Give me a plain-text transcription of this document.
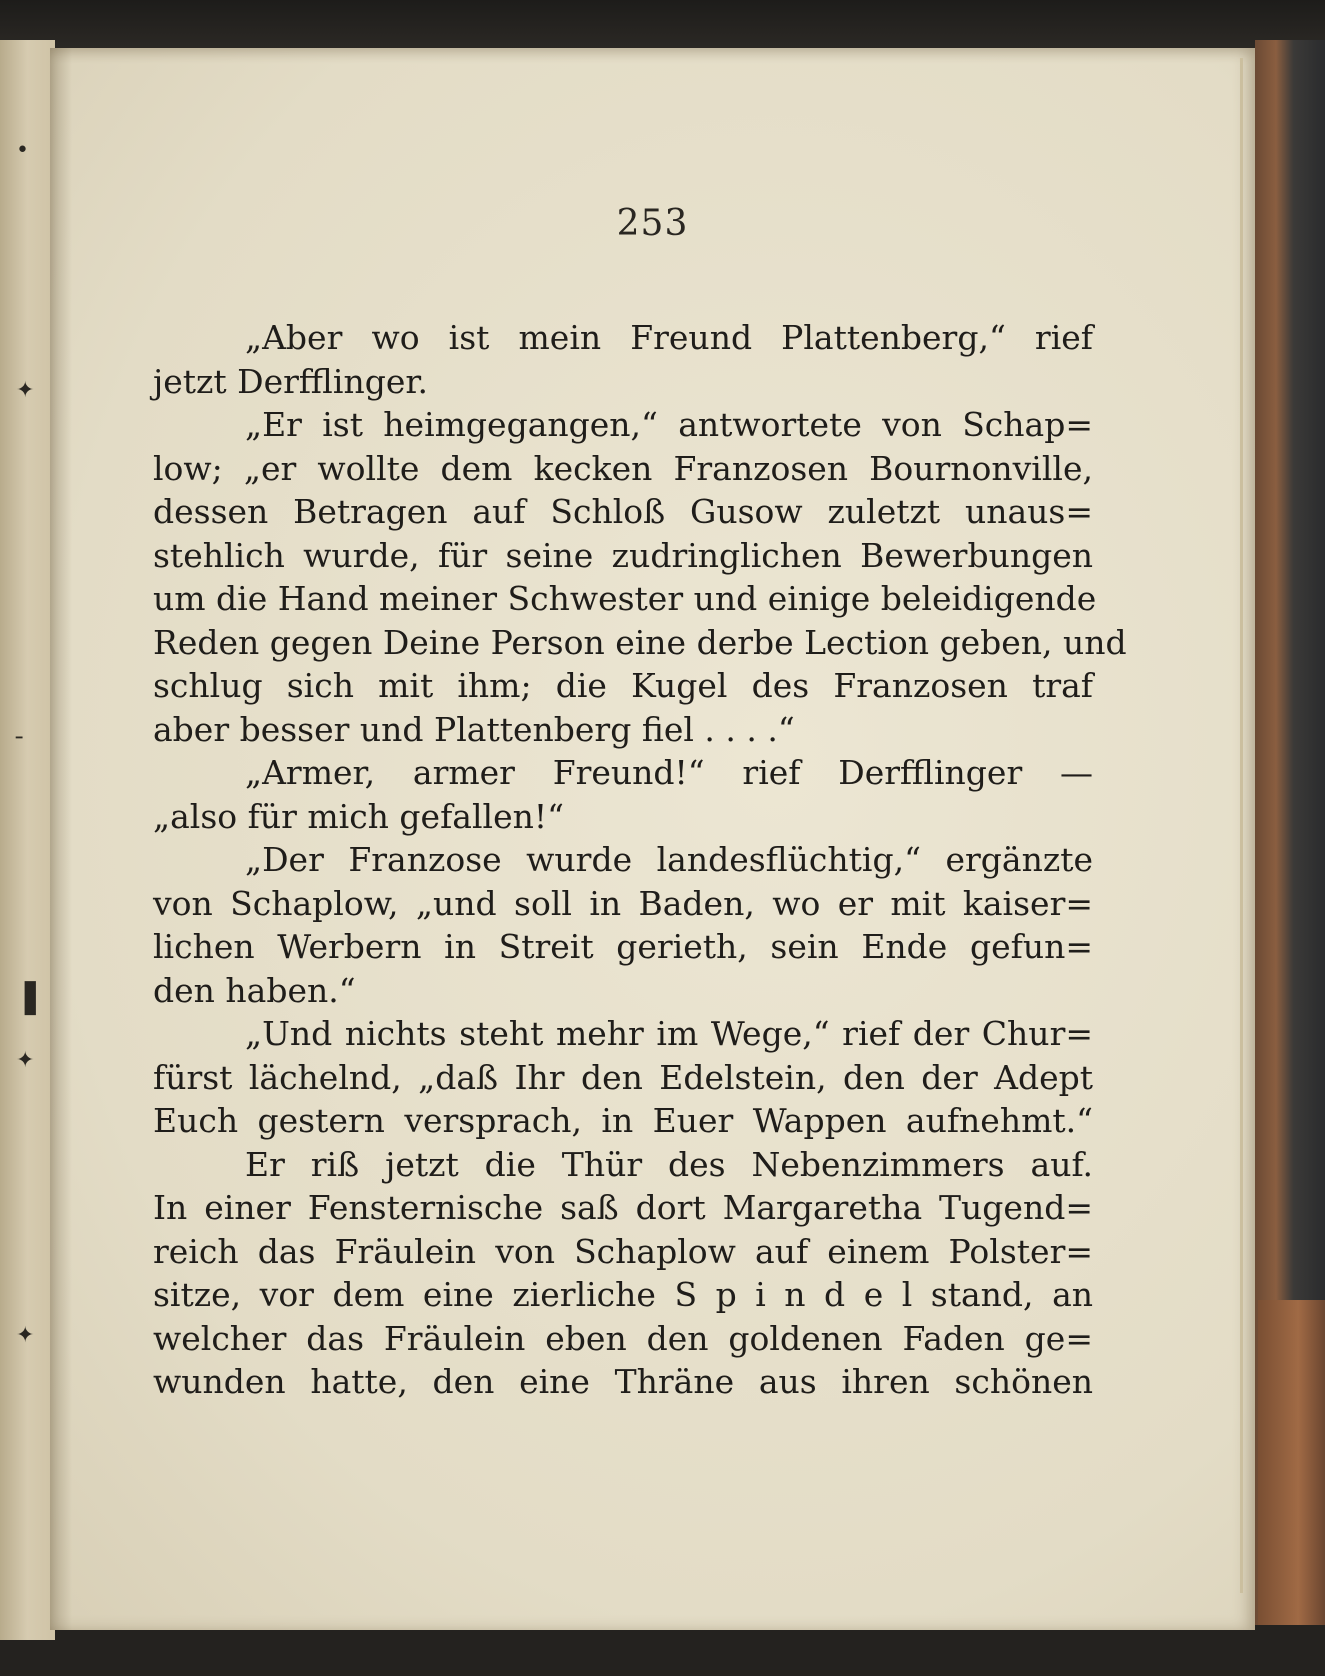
•
✦
╴
❚
✦
✦
253
„Aber wo ist mein Freund Plattenberg,“ rief
jetzt Derfflinger.
„Er ist heimgegangen,“ antwortete von Schap=
low; „er wollte dem kecken Franzosen Bournonville,
dessen Betragen auf Schloß Gusow zuletzt unaus=
stehlich wurde, für seine zudringlichen Bewerbungen
um die Hand meiner Schwester und einige beleidigende
Reden gegen Deine Person eine derbe Lection geben, und
schlug sich mit ihm; die Kugel des Franzosen traf
aber besser und Plattenberg fiel . . . .“
„Armer, armer Freund!“ rief Derfflinger —
„also für mich gefallen!“
„Der Franzose wurde landesflüchtig,“ ergänzte
von Schaplow, „und soll in Baden, wo er mit kaiser=
lichen Werbern in Streit gerieth, sein Ende gefun=
den haben.“
„Und nichts steht mehr im Wege,“ rief der Chur=
fürst lächelnd, „daß Ihr den Edelstein, den der Adept
Euch gestern versprach, in Euer Wappen aufnehmt.“
Er riß jetzt die Thür des Nebenzimmers auf.
In einer Fensternische saß dort Margaretha Tugend=
reich das Fräulein von Schaplow auf einem Polster=
sitze, vor dem eine zierliche S p i n d e l stand, an
welcher das Fräulein eben den goldenen Faden ge=
wunden hatte, den eine Thräne aus ihren schönen
